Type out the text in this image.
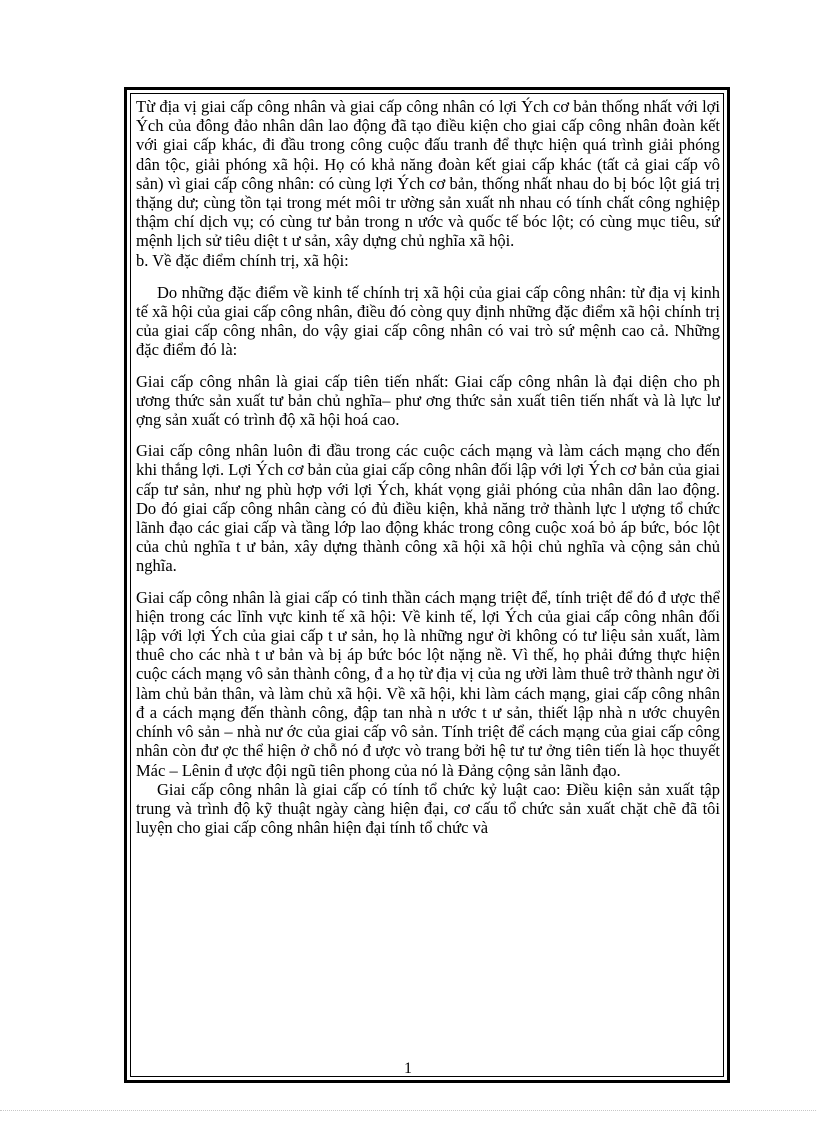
Từ địa vị giai cấp công nhân và giai cấp công nhân có lợi Ých cơ bản thống nhất với lợi Ých của đông đảo nhân dân lao động đã tạo điều kiện cho giai cấp công nhân đoàn kết với giai cấp khác, đi đầu trong công cuộc đấu tranh để thực hiện quá trình giải phóng dân tộc, giải phóng xã hội. Họ có khả năng đoàn kết giai cấp khác (tất cả giai cấp vô sản) vì giai cấp công nhân: có cùng lợi Ých cơ bản, thống nhất nhau do bị bóc lột giá trị thặng dư; cùng tồn tại trong mét môi tr ường sản xuất nh nhau có tính chất công nghiệp thậm chí dịch vụ; có cùng tư bản trong n ước và quốc tế bóc lột; có cùng mục tiêu, sứ mệnh lịch sử tiêu diệt t ư sản, xây dựng chủ nghĩa xã hội.

b. Về đặc điểm chính trị, xã hội:

Do những đặc điểm về kinh tế chính trị xã hội của giai cấp công nhân: từ địa vị kinh tế xã hội của giai cấp công nhân, điều đó còng quy định những đặc điểm xã hội chính trị của giai cấp công nhân, do vậy giai cấp công nhân có vai trò sứ mệnh cao cả. Những đặc điểm đó là:

Giai cấp công nhân là giai cấp tiên tiến nhất: Giai cấp công nhân là đại diện cho ph ương thức sản xuất tư bản chủ nghĩa– phư ơng thức sản xuất tiên tiến nhất và là lực lư ợng sản xuất có trình độ xã hội hoá cao.

Giai cấp công nhân luôn đi đầu trong các cuộc cách mạng và làm cách mạng cho đến khi thắng lợi. Lợi Ých cơ bản của giai cấp công nhân đối lập với lợi Ých cơ bản của giai cấp tư sản, như ng phù hợp với lợi Ých, khát vọng giải phóng của nhân dân lao động. Do đó giai cấp công nhân càng có đủ điều kiện, khả năng trở thành lực l ượng tổ chức lãnh đạo các giai cấp và tầng lớp lao động khác trong công cuộc xoá bỏ áp bức, bóc lột của chủ nghĩa t ư bản, xây dựng thành công xã hội xã hội chủ nghĩa và cộng sản chủ nghĩa.

Giai cấp công nhân là giai cấp có tinh thần cách mạng triệt để, tính triệt để đó đ ược thể hiện trong các lĩnh vực kinh tế xã hội: Về kinh tế, lợi Ých của giai cấp công nhân đối lập với lợi Ých của giai cấp t ư sản, họ là những ngư ời không có tư liệu sản xuất, làm thuê cho các nhà t ư bản và bị áp bức bóc lột nặng nề. Vì thế, họ phải đứng thực hiện cuộc cách mạng vô sản thành công, đ a họ từ địa vị của ng ười làm thuê trở thành ngư ời làm chủ bản thân, và làm chủ xã hội. Về xã hội, khi làm cách mạng, giai cấp công nhân đ a cách mạng đến thành công, đập tan nhà n ước t ư sản, thiết lập nhà n ước chuyên chính vô sản – nhà nư ớc của giai cấp vô sản. Tính triệt để cách mạng của giai cấp công nhân còn đư ợc thể hiện ở chỗ nó đ ược vò trang bởi hệ tư tư ởng tiên tiến là học thuyết Mác – Lênin đ ược đội ngũ tiên phong của nó là Đảng cộng sản lãnh đạo.

Giai cấp công nhân là giai cấp có tính tổ chức kỷ luật cao: Điều kiện sản xuất tập trung và trình độ kỹ thuật ngày càng hiện đại, cơ cấu tổ chức sản xuất chặt chẽ đã tôi luyện cho giai cấp công nhân hiện đại tính tổ chức và

1
